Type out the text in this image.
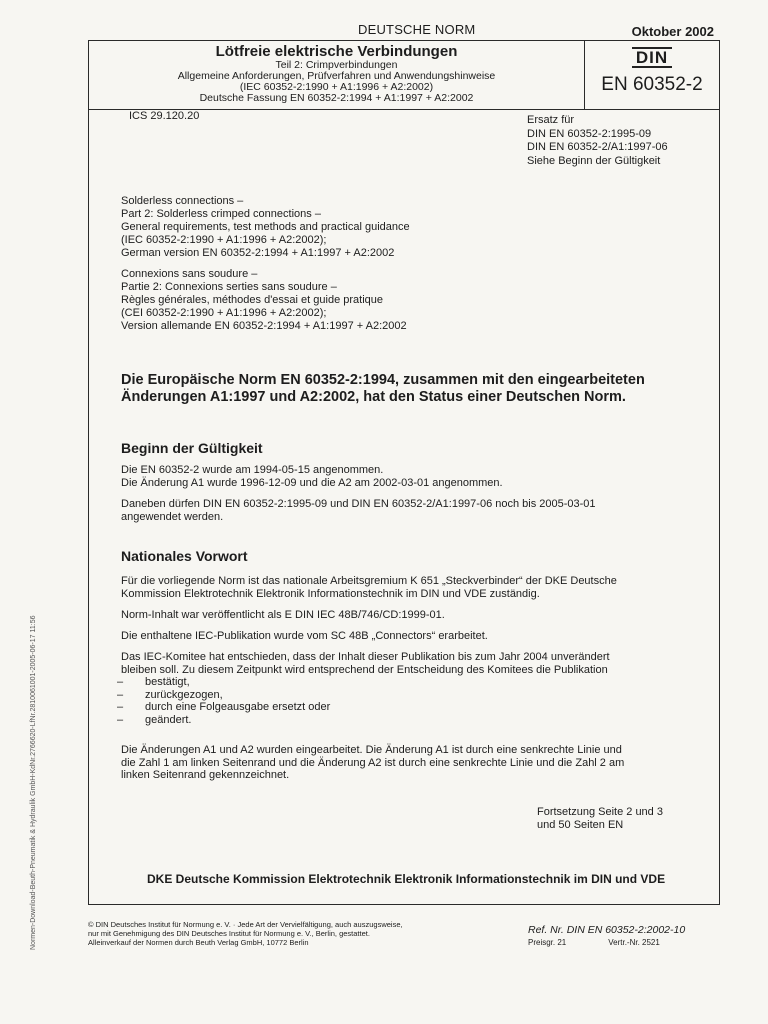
DEUTSCHE NORM	Oktober 2002
Lötfreie elektrische Verbindungen
Teil 2: Crimpverbindungen
Allgemeine Anforderungen, Prüfverfahren und Anwendungshinweise
(IEC 60352-2:1990 + A1:1996 + A2:2002)
Deutsche Fassung EN 60352-2:1994 + A1:1997 + A2:2002
DIN
EN 60352-2
ICS 29.120.20	Ersatz für
DIN EN 60352-2:1995-09
DIN EN 60352-2/A1:1997-06
Siehe Beginn der Gültigkeit
Solderless connections –
Part 2: Solderless crimped connections –
General requirements, test methods and practical guidance
(IEC 60352-2:1990 + A1:1996 + A2:2002);
German version EN 60352-2:1994 + A1:1997 + A2:2002
Connexions sans soudure –
Partie 2: Connexions serties sans soudure –
Règles générales, méthodes d'essai et guide pratique
(CEI 60352-2:1990 + A1:1996 + A2:2002);
Version allemande EN 60352-2:1994 + A1:1997 + A2:2002
Die Europäische Norm EN 60352-2:1994, zusammen mit den eingearbeiteten
Änderungen A1:1997 und A2:2002, hat den Status einer Deutschen Norm.
Beginn der Gültigkeit
Die EN 60352-2 wurde am 1994-05-15 angenommen.
Die Änderung A1 wurde 1996-12-09 und die A2 am 2002-03-01 angenommen.
Daneben dürfen DIN EN 60352-2:1995-09 und DIN EN 60352-2/A1:1997-06 noch bis 2005-03-01
angewendet werden.
Nationales Vorwort
Für die vorliegende Norm ist das nationale Arbeitsgremium K 651 „Steckverbinder“ der DKE Deutsche
Kommission Elektrotechnik Elektronik Informationstechnik im DIN und VDE zuständig.
Norm-Inhalt war veröffentlicht als E DIN IEC 48B/746/CD:1999-01.
Die enthaltene IEC-Publikation wurde vom SC 48B „Connectors“ erarbeitet.
Das IEC-Komitee hat entschieden, dass der Inhalt dieser Publikation bis zum Jahr 2004 unverändert
bleiben soll. Zu diesem Zeitpunkt wird entsprechend der Entscheidung des Komitees die Publikation
–	bestätigt,
–	zurückgezogen,
–	durch eine Folgeausgabe ersetzt oder
–	geändert.
Die Änderungen A1 und A2 wurden eingearbeitet. Die Änderung A1 ist durch eine senkrechte Linie und
die Zahl 1 am linken Seitenrand und die Änderung A2 ist durch eine senkrechte Linie und die Zahl 2 am
linken Seitenrand gekennzeichnet.
Fortsetzung Seite 2 und 3
und 50 Seiten EN
DKE Deutsche Kommission Elektrotechnik Elektronik Informationstechnik im DIN und VDE
© DIN Deutsches Institut für Normung e. V. · Jede Art der Vervielfältigung, auch auszugsweise,
nur mit Genehmigung des DIN Deutsches Institut für Normung e. V., Berlin, gestattet.
Alleinverkauf der Normen durch Beuth Verlag GmbH, 10772 Berlin
Ref. Nr. DIN EN 60352-2:2002-10
Preisgr. 21	Vertr.-Nr. 2521
Normen-Download-Beuth-Pneumatik & Hydraulik GmbH-KdNr.2766620-LfNr.2810061001-2005-06-17 11:56
